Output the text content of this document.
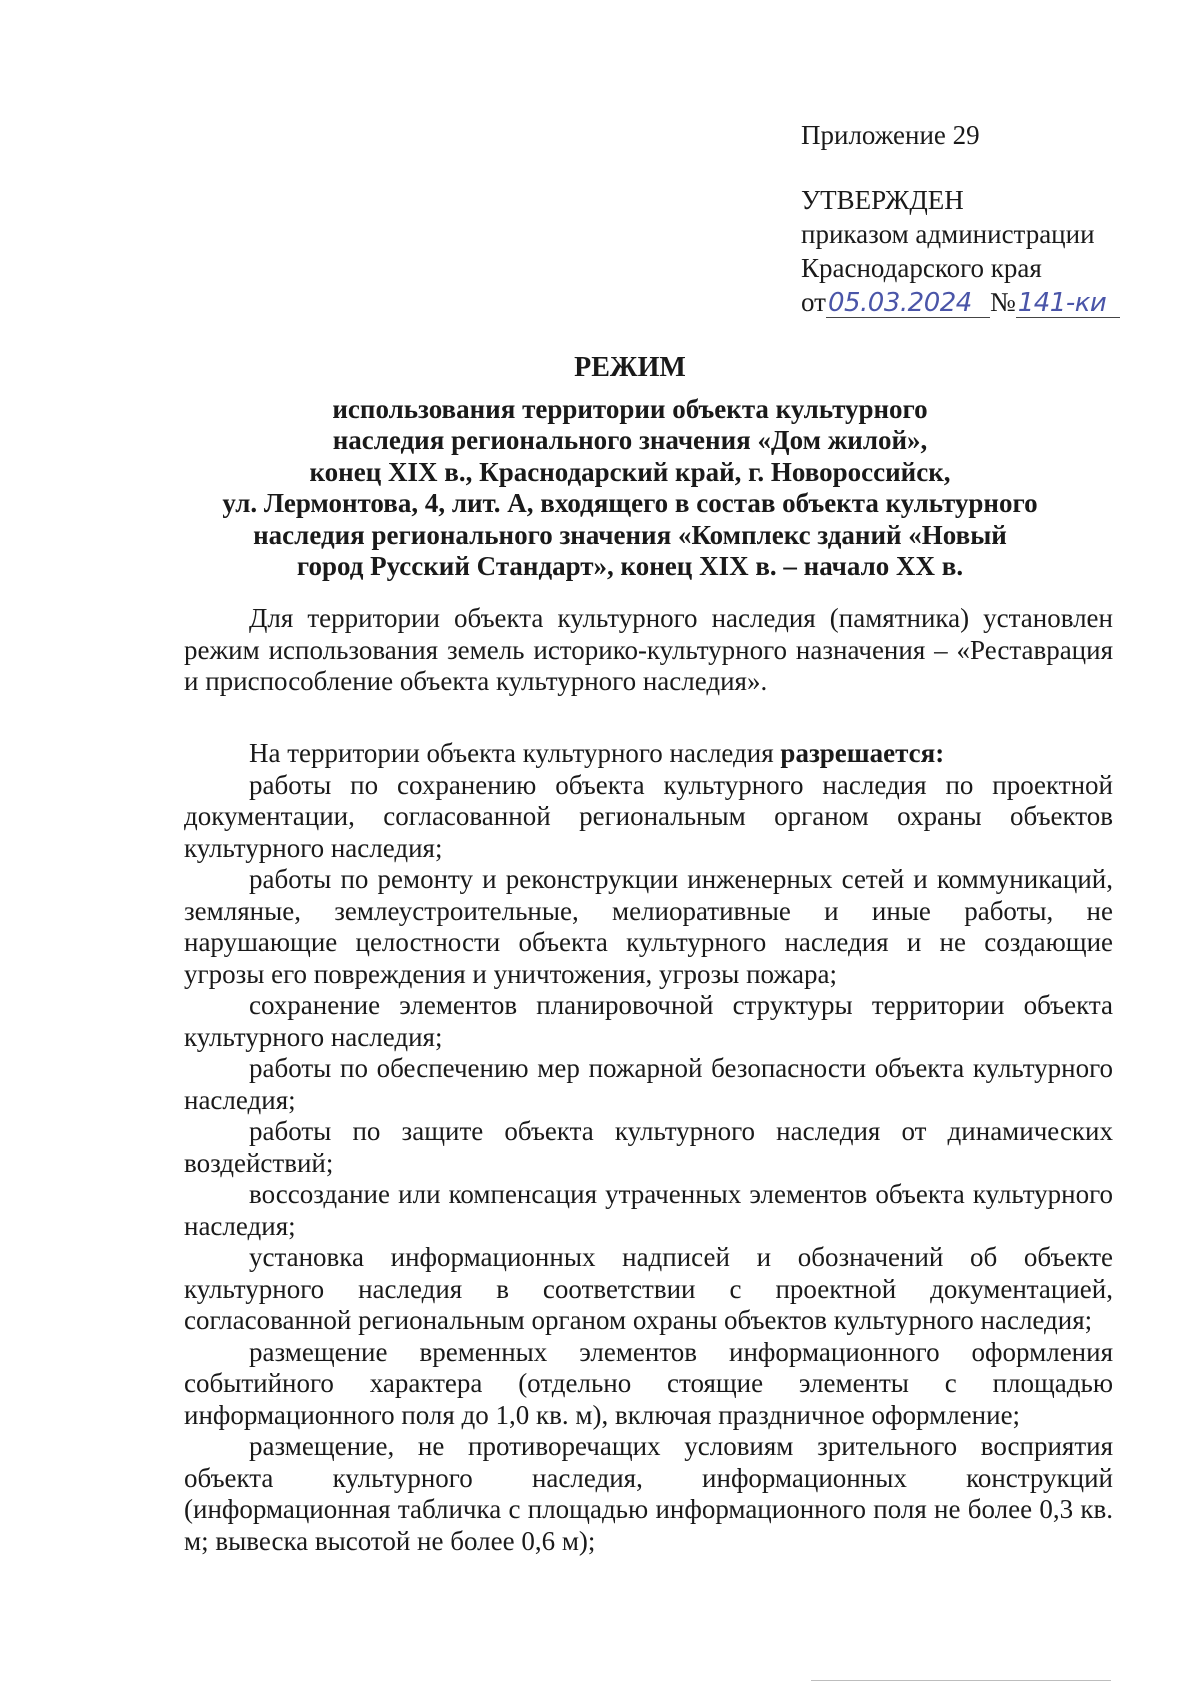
Приложение 29
УТВЕРЖДЕН
приказом администрации
Краснодарского края
от05.03.2024 №141-ки
РЕЖИМ
использования территории объекта культурного
наследия регионального значения «Дом жилой»,
конец XIX в., Краснодарский край, г. Новороссийск,
ул. Лермонтова, 4, лит. А, входящего в состав объекта культурного
наследия регионального значения «Комплекс зданий «Новый
город Русский Стандарт», конец XIX в. – начало XX в.

Для территории объекта культурного наследия (памятника) установлен режим использования земель историко-культурного назначения – «Реставрация и приспособление объекта культурного наследия».

На территории объекта культурного наследия разрешается:

работы по сохранению объекта культурного наследия по проектной документации, согласованной региональным органом охраны объектов культурного наследия;

работы по ремонту и реконструкции инженерных сетей и коммуникаций, земляные, землеустроительные, мелиоративные и иные работы, не нарушающие целостности объекта культурного наследия и не создающие угрозы его повреждения и уничтожения, угрозы пожара;

сохранение элементов планировочной структуры территории объекта культурного наследия;

работы по обеспечению мер пожарной безопасности объекта культурного наследия;

работы по защите объекта культурного наследия от динамических воздействий;

воссоздание или компенсация утраченных элементов объекта культурного наследия;

установка информационных надписей и обозначений об объекте культурного наследия в соответствии с проектной документацией, согласованной региональным органом охраны объектов культурного наследия;

размещение временных элементов информационного оформления событийного характера (отдельно стоящие элементы с площадью информационного поля до 1,0 кв. м), включая праздничное оформление;

размещение, не противоречащих условиям зрительного восприятия объекта культурного наследия, информационных конструкций (информационная табличка с площадью информационного поля не более 0,3 кв. м; вывеска высотой не более 0,6 м);
